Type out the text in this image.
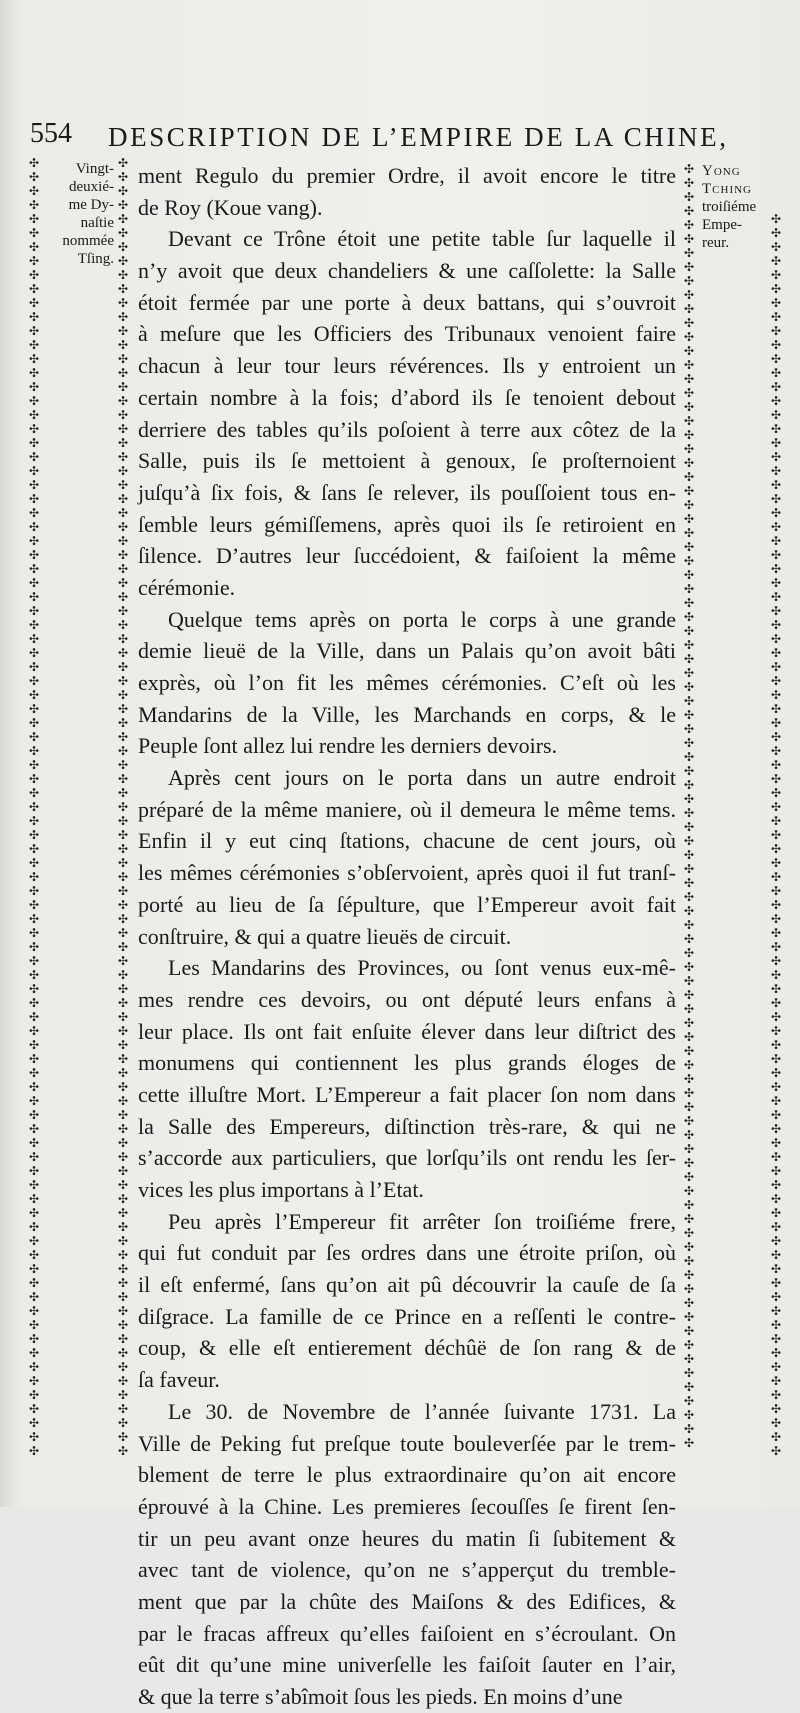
554 DESCRIPTION DE L’EMPIRE DE LA CHINE,
✣
✣
✣
✣
✣
✣
✣
✣
✣
✣
✣
✣
✣
✣
✣
✣
✣
✣
✣
✣
✣
✣
✣
✣
✣
✣
✣
✣
✣
✣
✣
✣
✣
✣
✣
✣
✣
✣
✣
✣
✣
✣
✣
✣
✣
✣
✣
✣
✣
✣
✣
✣
✣
✣
✣
✣
✣
✣
✣
✣
✣
✣
✣
✣
✣
✣
✣
✣
✣
✣
✣
✣
✣
✣
✣
✣
✣
✣
✣
✣
✣
✣
✣
✣
✣
✣
✣
✣
✣
✣
✣
✣
✣
✣
✣
✣
✣
✣
✣
✣
✣
✣
✣
✣
✣
✣
✣
✣
✣
✣
✣
✣
✣
✣
✣
✣
✣
✣
✣
✣
✣
✣
✣
✣
✣
✣
✣
✣
✣
✣
✣
✣
✣
✣
✣
✣
✣
✣
✣
✣
✣
✣
✣
✣
✣
✣
✣
✣
✣
✣
✣
✣
✣
✣
✣
✣
✣
✣
✣
✣
✣
✣
✣
✣
✣
✣
✣
✣
✣
✣
✣
✣
✣
✣
✣
✣
✣
✣
✣
✣
✣
✣
✣
✣
✣
✣
✣
✣
✣
✣
✣
✣
✣
✣
✣
✣
✣
✣
✣
✣
✣
✣
✣
✣
✣
✣
✣
✣
✣
✣
✣
✣
✣
✣
✣
✣
✣
✣
✣
✣
✣
✣
✣
✣
✣
✣
✣
✣
✣
✣
✣
✣
✣
✣
✣
✣
✣
✣
✣
✣
✣
✣
✣
✣
✣
✣
✣
✣
✣
✣
✣
✣
✣
✣
✣
✣
✣
✣
✣
✣
✣
✣
✣
✣
✣
✣
✣
✣
✣
✣
✣
✣
✣
✣
✣
✣
✣
✣
✣
✣
✣
✣
✣
✣
✣
✣
✣
✣
✣
✣
✣
✣
✣
✣
✣
✣
✣
✣
✣
✣
✣
✣
✣
✣
✣
✣
✣
✣
✣
✣
✣
✣
✣
✣
✣
✣
✣
✣
✣
✣
✣
✣
✣
✣
✣
✣
✣
✣
✣
✣
✣
✣
✣
✣
✣
✣
✣
✣
✣
✣
✣
✣
✣
✣
✣
✣
✣
✣
✣
✣
✣
✣
✣
✣
✣
✣
✣
✣
✣
✣
✣
✣
✣
✣
✣
✣
✣
Vingt-
deuxié-
me Dy-
naſtie
nommée
Tſing.
Yong
Tching
troiſiéme
Empe-
reur.
ment Regulo du premier Ordre, il avoit encore le titre
de Roy (Koue vang).
Devant ce Trône étoit une petite table ſur laquelle il
n’y avoit que deux chandeliers & une caſſolette: la Salle
étoit fermée par une porte à deux battans, qui s’ouvroit
à meſure que les Officiers des Tribunaux venoient faire
chacun à leur tour leurs révérences. Ils y entroient un
certain nombre à la fois; d’abord ils ſe tenoient debout
derriere des tables qu’ils poſoient à terre aux côtez de la
Salle, puis ils ſe mettoient à genoux, ſe proſternoient
juſqu’à ſix fois, & ſans ſe relever, ils pouſſoient tous en-
ſemble leurs gémiſſemens, après quoi ils ſe retiroient en
ſilence. D’autres leur ſuccédoient, & faiſoient la même
cérémonie.
Quelque tems après on porta le corps à une grande
demie lieuë de la Ville, dans un Palais qu’on avoit bâti
exprès, où l’on fit les mêmes cérémonies. C’eſt où les
Mandarins de la Ville, les Marchands en corps, & le
Peuple ſont allez lui rendre les derniers devoirs.
Après cent jours on le porta dans un autre endroit
préparé de la même maniere, où il demeura le même tems.
Enfin il y eut cinq ſtations, chacune de cent jours, où
les mêmes cérémonies s’obſervoient, après quoi il fut tranſ-
porté au lieu de ſa ſépulture, que l’Empereur avoit fait
conſtruire, & qui a quatre lieuës de circuit.
Les Mandarins des Provinces, ou ſont venus eux-mê-
mes rendre ces devoirs, ou ont député leurs enfans à
leur place. Ils ont fait enſuite élever dans leur diſtrict des
monumens qui contiennent les plus grands éloges de
cette illuſtre Mort. L’Empereur a fait placer ſon nom dans
la Salle des Empereurs, diſtinction très-rare, & qui ne
s’accorde aux particuliers, que lorſqu’ils ont rendu les ſer-
vices les plus importans à l’Etat.
Peu après l’Empereur fit arrêter ſon troiſiéme frere,
qui fut conduit par ſes ordres dans une étroite priſon, où
il eſt enfermé, ſans qu’on ait pû découvrir la cauſe de ſa
diſgrace. La famille de ce Prince en a reſſenti le contre-
coup, & elle eſt entierement déchûë de ſon rang & de
ſa faveur.
Le 30. de Novembre de l’année ſuivante 1731. La
Ville de Peking fut preſque toute bouleverſée par le trem-
blement de terre le plus extraordinaire qu’on ait encore
éprouvé à la Chine. Les premieres ſecouſſes ſe firent ſen-
tir un peu avant onze heures du matin ſi ſubitement &
avec tant de violence, qu’on ne s’apperçut du tremble-
ment que par la chûte des Maiſons & des Edifices, &
par le fracas affreux qu’elles faiſoient en s’écroulant. On
eût dit qu’une mine univerſelle les faiſoit ſauter en l’air,
& que la terre s’abîmoit ſous les pieds. En moins d’une
